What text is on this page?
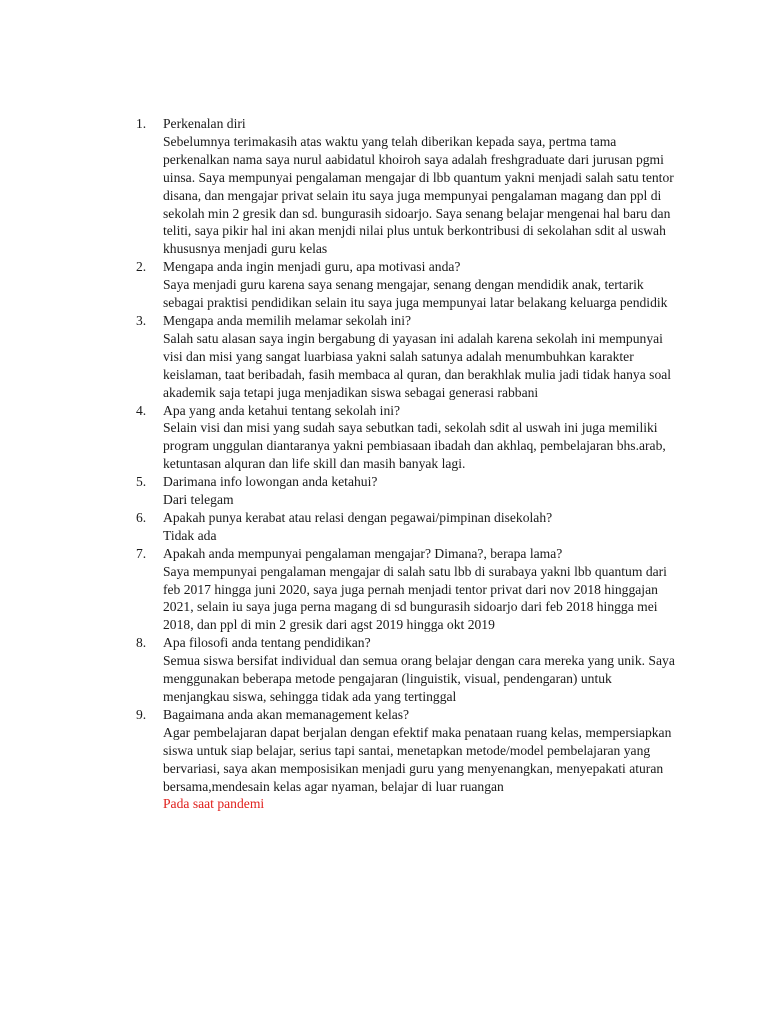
1.	Perkenalan diri
Sebelumnya terimakasih atas waktu yang telah diberikan kepada saya, pertma tama perkenalkan nama saya nurul aabidatul khoiroh saya adalah freshgraduate dari jurusan pgmi uinsa. Saya mempunyai pengalaman mengajar di lbb quantum yakni menjadi salah satu tentor disana, dan mengajar privat selain itu saya juga mempunyai pengalaman magang dan ppl di sekolah min 2 gresik dan sd. bungurasih sidoarjo. Saya senang belajar mengenai hal baru dan teliti, saya pikir hal ini akan menjdi nilai plus untuk berkontribusi di sekolahan sdit al uswah khususnya menjadi guru kelas
2.	Mengapa anda ingin menjadi guru, apa motivasi anda?
Saya menjadi guru karena saya senang mengajar, senang dengan mendidik anak, tertarik sebagai praktisi pendidikan selain itu saya juga mempunyai latar belakang keluarga pendidik
3.	Mengapa anda memilih melamar sekolah ini?
Salah satu alasan saya ingin bergabung di yayasan ini adalah karena sekolah ini mempunyai visi dan misi yang sangat luarbiasa yakni salah satunya adalah menumbuhkan karakter keislaman, taat beribadah, fasih membaca al quran, dan berakhlak mulia jadi tidak hanya soal akademik saja tetapi juga menjadikan siswa sebagai generasi rabbani
4.	Apa yang anda ketahui tentang sekolah ini?
Selain visi dan misi yang sudah saya sebutkan tadi, sekolah sdit al uswah ini juga memiliki program unggulan diantaranya yakni pembiasaan ibadah dan akhlaq, pembelajaran bhs.arab, ketuntasan alquran dan life skill dan masih banyak lagi.
5.	Darimana info lowongan anda ketahui?
Dari telegam
6.	Apakah punya kerabat atau relasi dengan pegawai/pimpinan disekolah?
Tidak ada
7.	Apakah anda mempunyai pengalaman mengajar? Dimana?, berapa lama?
Saya mempunyai pengalaman mengajar di salah satu lbb di surabaya yakni lbb quantum dari feb 2017 hingga juni 2020, saya juga pernah menjadi tentor privat dari nov 2018 hinggajan 2021, selain iu saya juga perna magang di sd bungurasih sidoarjo dari feb 2018 hingga mei 2018, dan ppl di min 2 gresik dari agst 2019 hingga okt 2019
8.	Apa filosofi anda tentang pendidikan?
Semua siswa bersifat individual dan semua orang belajar dengan cara mereka yang unik. Saya menggunakan beberapa metode pengajaran (linguistik, visual, pendengaran) untuk menjangkau siswa, sehingga tidak ada yang tertinggal
9.	Bagaimana anda akan memanagement kelas?
Agar pembelajaran dapat berjalan dengan efektif maka penataan ruang kelas, mempersiapkan siswa untuk siap belajar, serius tapi santai, menetapkan metode/model pembelajaran yang bervariasi, saya akan memposisikan menjadi guru yang menyenangkan, menyepakati aturan bersama,mendesain kelas agar nyaman, belajar di luar ruangan
Pada saat pandemi
